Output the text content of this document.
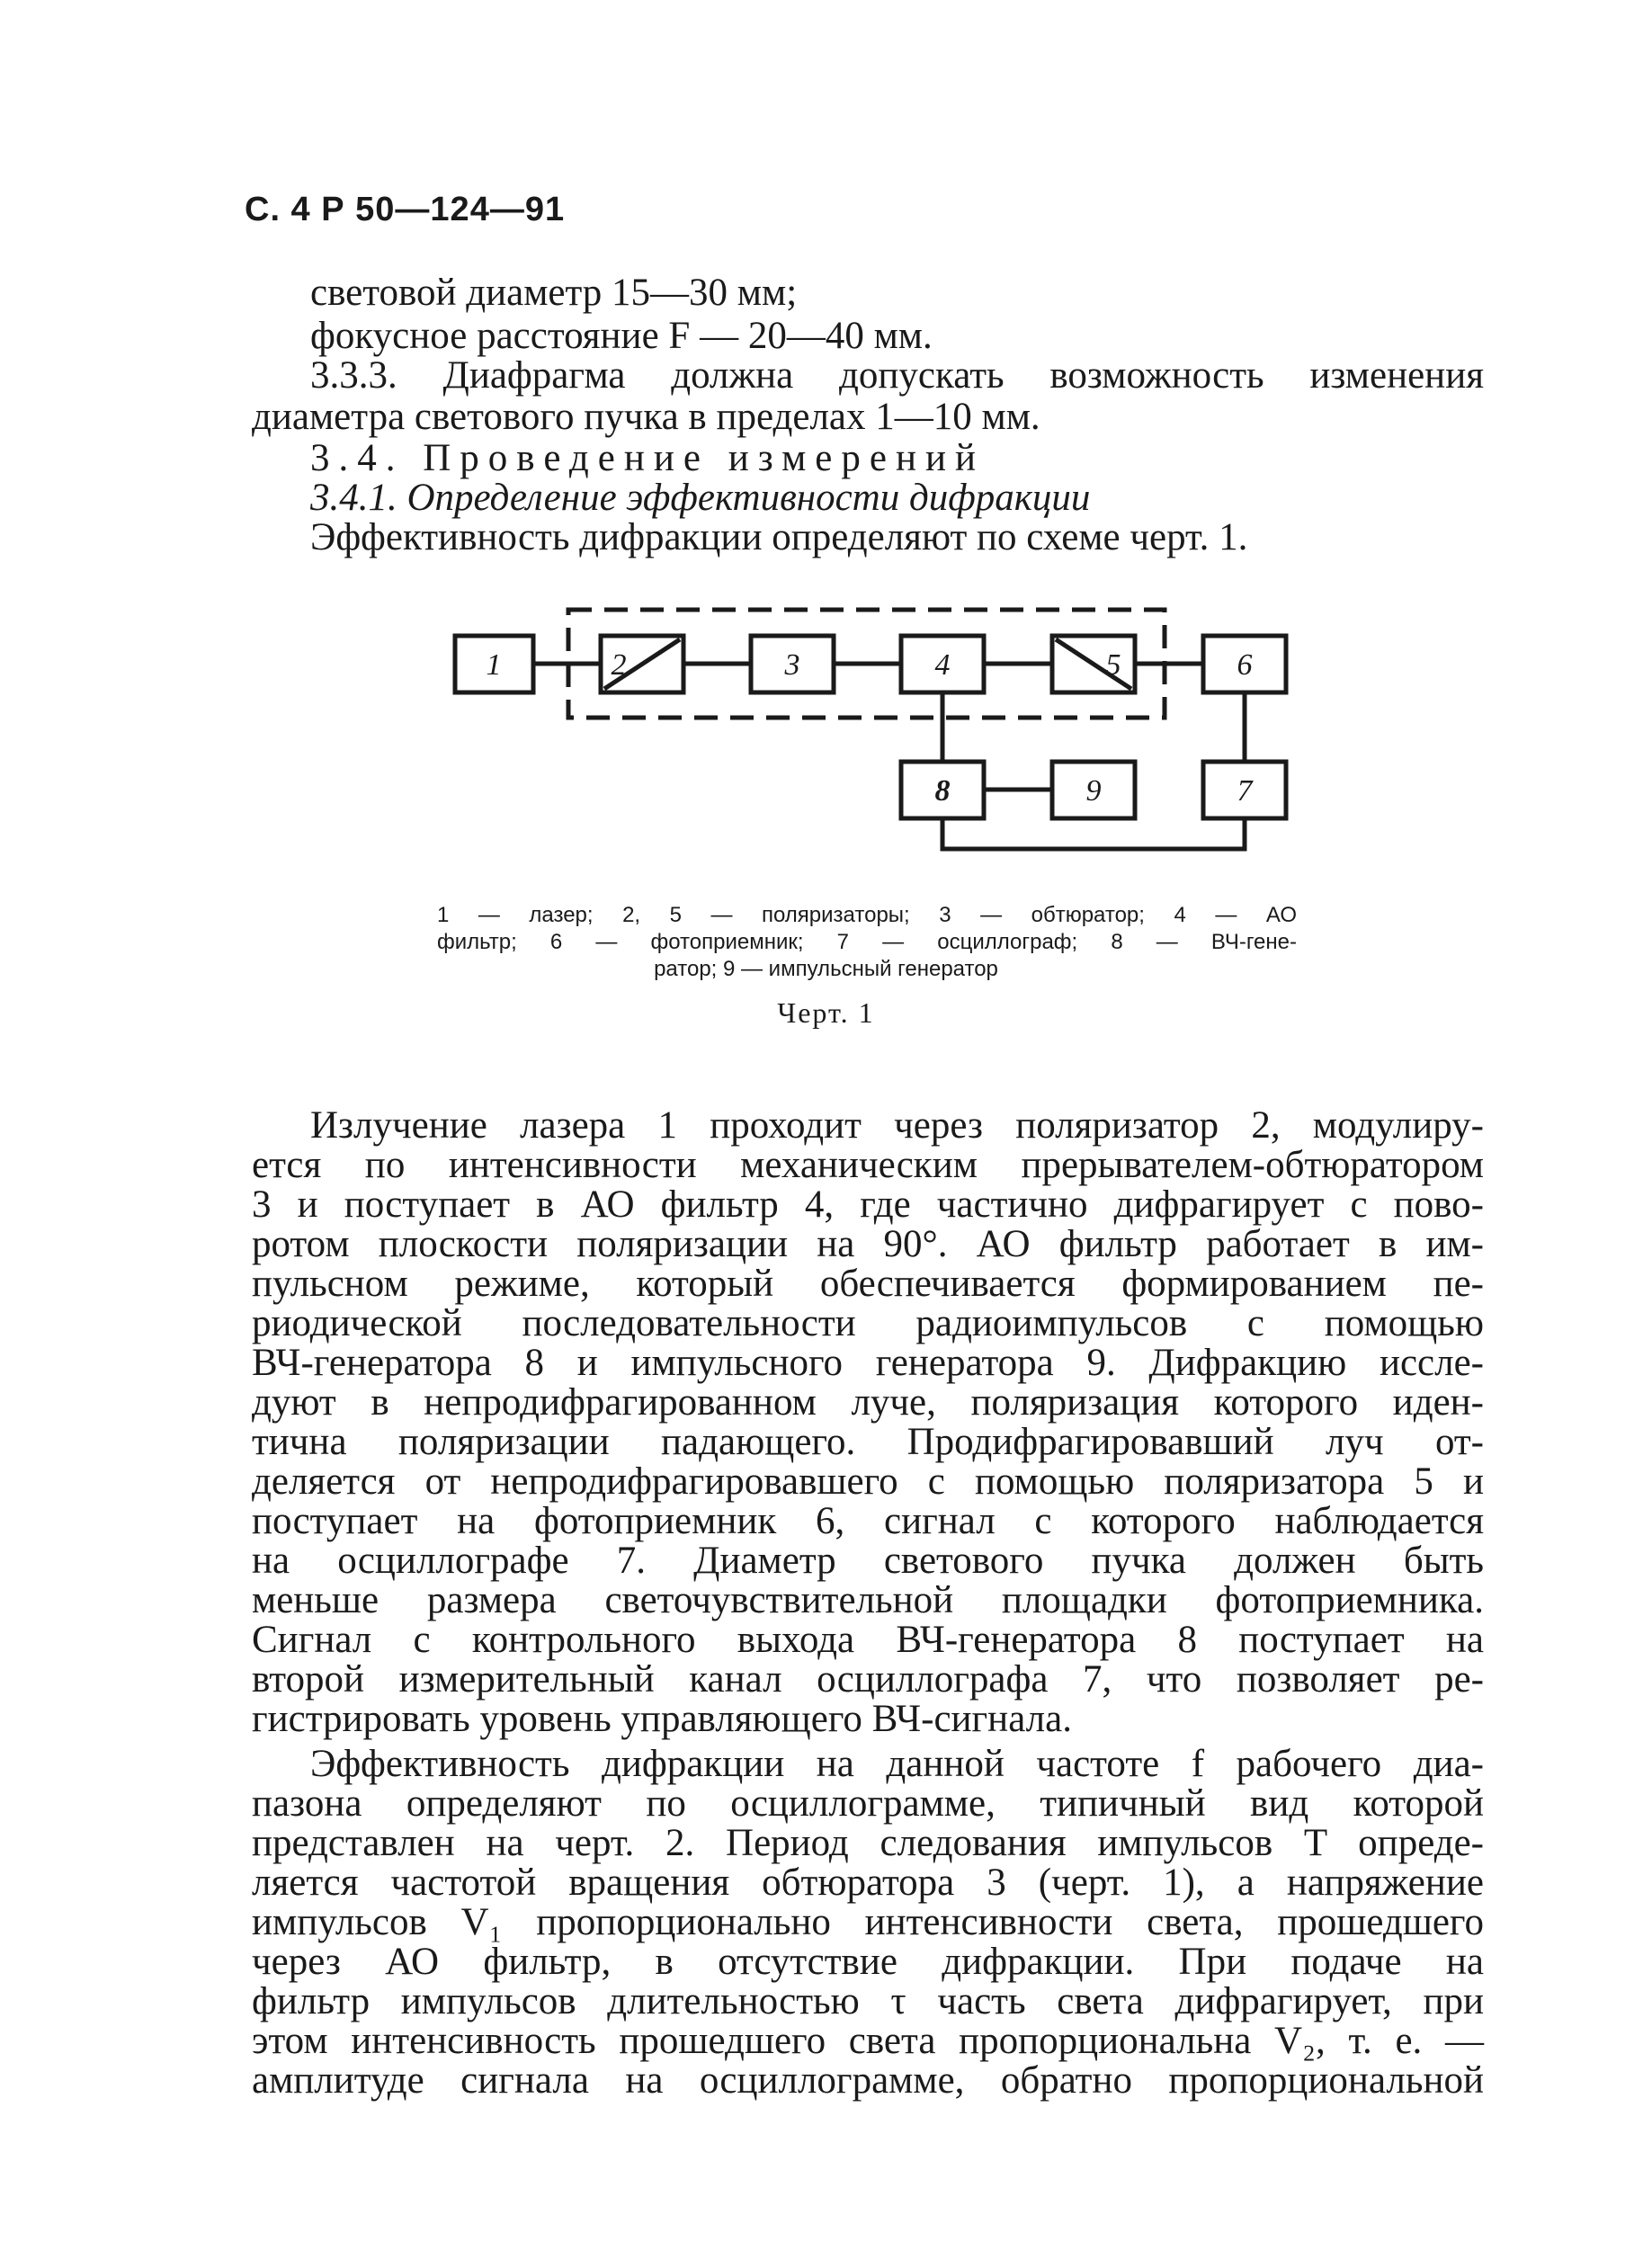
С. 4 Р 50—124—91
световой диаметр 15—30 мм;
фокусное расстояние F — 20—40 мм.
3.3.3. Диафрагма должна допускать возможность изменения
диаметра светового пучка в пределах 1—10 мм.
3.4. Проведение измерений
3.4.1. Определение эффективности дифракции
Эффективность дифракции определяют по схеме черт. 1.
1	2	3	4	5	6
8	9	7
1 — лазер; 2, 5 — поляризаторы; 3 — обтюратор; 4 — АО
фильтр; 6 — фотоприемник; 7 — осциллограф; 8 — ВЧ-гене-
ратор; 9 — импульсный генератор
Черт. 1
Излучение лазера 1 проходит через поляризатор 2, модулиру-
ется по интенсивности механическим прерывателем-обтюратором
3 и поступает в АО фильтр 4, где частично дифрагирует с пово-
ротом плоскости поляризации на 90°. АО фильтр работает в им-
пульсном режиме, который обеспечивается формированием пе-
риодической последовательности радиоимпульсов с помощью
ВЧ-генератора 8 и импульсного генератора 9. Дифракцию иссле-
дуют в непродифрагированном луче, поляризация которого иден-
тична поляризации падающего. Продифрагировавший луч от-
деляется от непродифрагировавшего с помощью поляризатора 5 и
поступает на фотоприемник 6, сигнал с которого наблюдается
на осциллографе 7. Диаметр светового пучка должен быть
меньше размера светочувствительной площадки фотоприемника.
Сигнал с контрольного выхода ВЧ-генератора 8 поступает на
второй измерительный канал осциллографа 7, что позволяет ре-
гистрировать уровень управляющего ВЧ-сигнала.
Эффективность дифракции на данной частоте f рабочего диа-
пазона определяют по осциллограмме, типичный вид которой
представлен на черт. 2. Период следования импульсов T опреде-
ляется частотой вращения обтюратора 3 (черт. 1), а напряжение
импульсов V₁ пропорционально интенсивности света, прошедшего
через АО фильтр, в отсутствие дифракции. При подаче на
фильтр импульсов длительностью τ часть света дифрагирует, при
этом интенсивность прошедшего света пропорциональна V₂, т. е. —
амплитуде сигнала на осциллограмме, обратно пропорциональной
